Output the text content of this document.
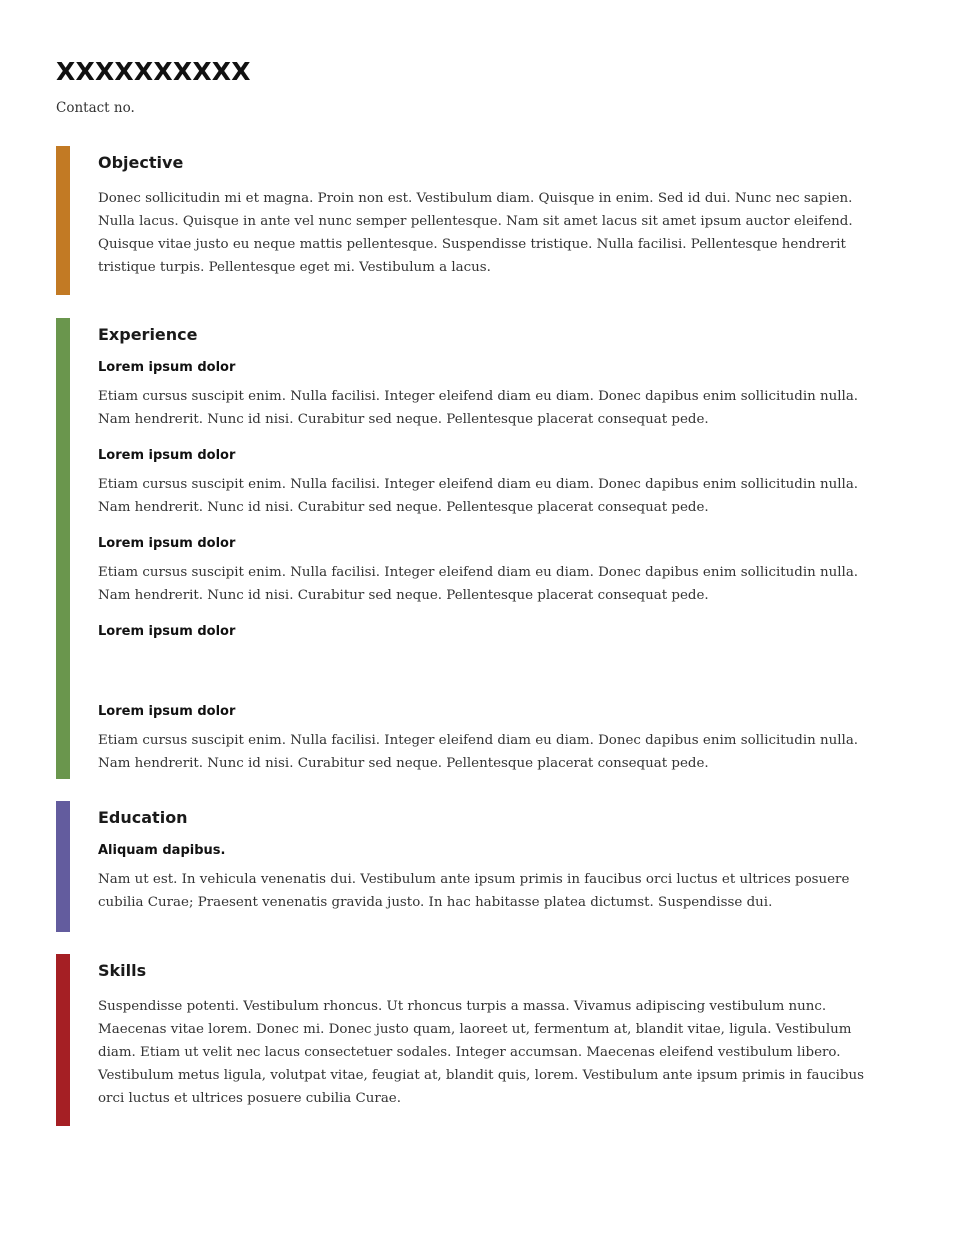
XXXXXXXXXX
Contact no.
Objective

Donec sollicitudin mi et magna. Proin non est. Vestibulum diam. Quisque in enim. Sed id dui. Nunc nec sapien. Nulla lacus. Quisque in ante vel nunc semper pellentesque. Nam sit amet lacus sit amet ipsum auctor eleifend. Quisque vitae justo eu neque mattis pellentesque. Suspendisse tristique. Nulla facilisi. Pellentesque hendrerit tristique turpis. Pellentesque eget mi. Vestibulum a lacus.

Experience
Lorem ipsum dolor

Etiam cursus suscipit enim. Nulla facilisi. Integer eleifend diam eu diam. Donec dapibus enim sollicitudin nulla. Nam hendrerit. Nunc id nisi. Curabitur sed neque. Pellentesque placerat consequat pede.

Lorem ipsum dolor

Etiam cursus suscipit enim. Nulla facilisi. Integer eleifend diam eu diam. Donec dapibus enim sollicitudin nulla. Nam hendrerit. Nunc id nisi. Curabitur sed neque. Pellentesque placerat consequat pede.

Lorem ipsum dolor

Etiam cursus suscipit enim. Nulla facilisi. Integer eleifend diam eu diam. Donec dapibus enim sollicitudin nulla. Nam hendrerit. Nunc id nisi. Curabitur sed neque. Pellentesque placerat consequat pede.

Lorem ipsum dolor

Lorem ipsum dolor

Etiam cursus suscipit enim. Nulla facilisi. Integer eleifend diam eu diam. Donec dapibus enim sollicitudin nulla. Nam hendrerit. Nunc id nisi. Curabitur sed neque. Pellentesque placerat consequat pede.

Education
Aliquam dapibus.

Nam ut est. In vehicula venenatis dui. Vestibulum ante ipsum primis in faucibus orci luctus et ultrices posuere cubilia Curae; Praesent venenatis gravida justo. In hac habitasse platea dictumst. Suspendisse dui.

Skills

Suspendisse potenti. Vestibulum rhoncus. Ut rhoncus turpis a massa. Vivamus adipiscing vestibulum nunc. Maecenas vitae lorem. Donec mi. Donec justo quam, laoreet ut, fermentum at, blandit vitae, ligula. Vestibulum diam. Etiam ut velit nec lacus consectetuer sodales. Integer accumsan. Maecenas eleifend vestibulum libero. Vestibulum metus ligula, volutpat vitae, feugiat at, blandit quis, lorem. Vestibulum ante ipsum primis in faucibus orci luctus et ultrices posuere cubilia Curae.
